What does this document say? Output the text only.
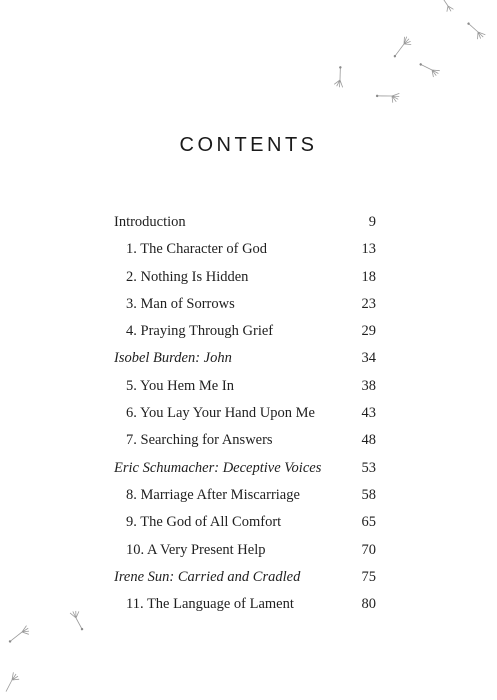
CONTENTS
Introduction	9
1. The Character of God	13
2. Nothing Is Hidden	18
3. Man of Sorrows	23
4. Praying Through Grief	29
Isobel Burden: John	34
5. You Hem Me In	38
6. You Lay Your Hand Upon Me	43
7. Searching for Answers	48
Eric Schumacher: Deceptive Voices	53
8. Marriage After Miscarriage	58
9. The God of All Comfort	65
10. A Very Present Help	70
Irene Sun: Carried and Cradled	75
11. The Language of Lament	80
